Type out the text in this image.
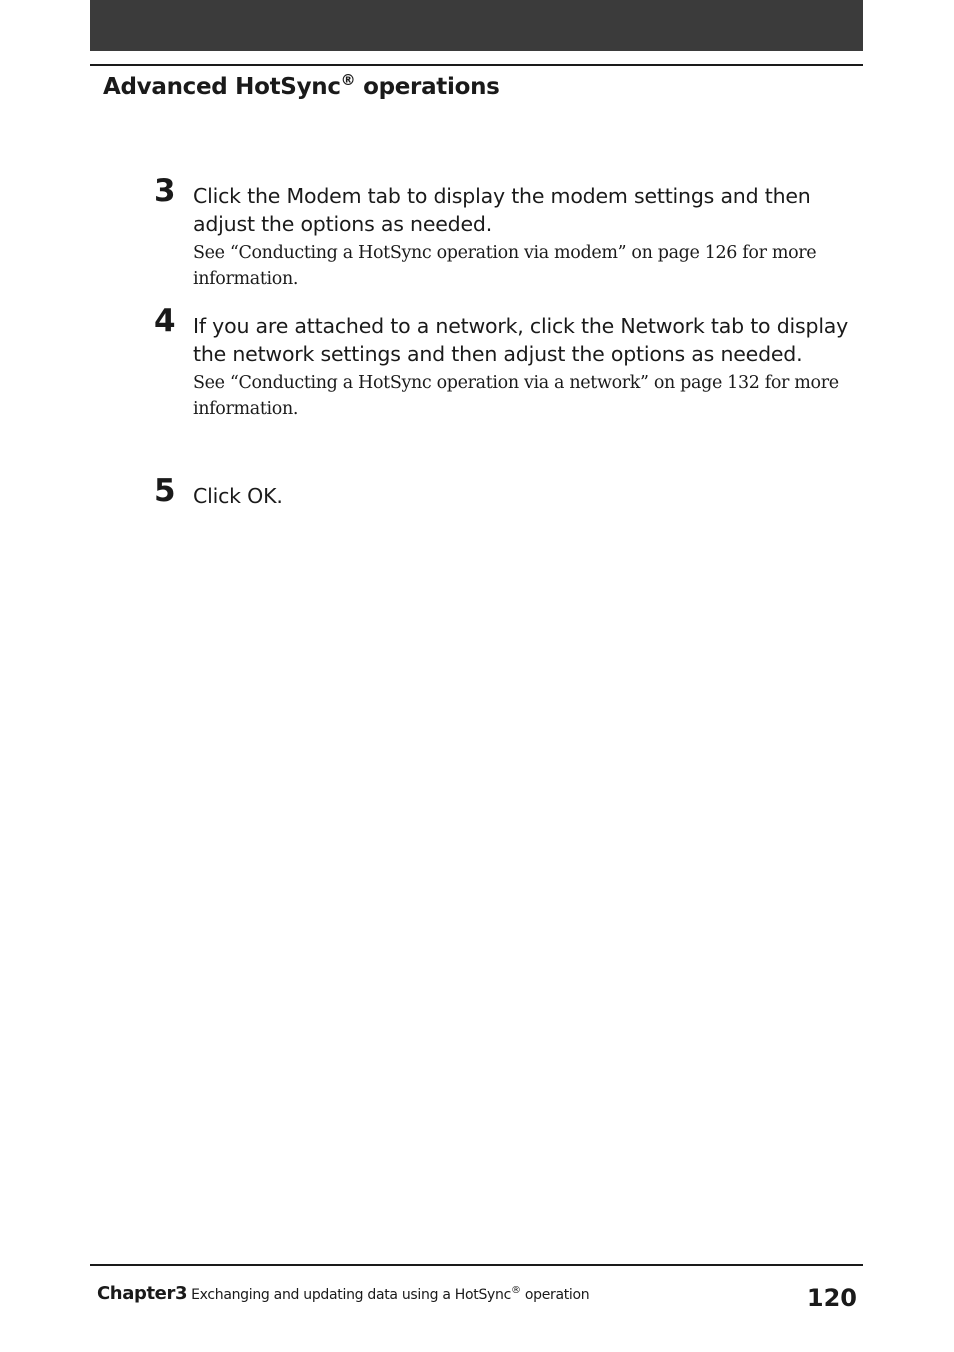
Advanced HotSync® operations
3 Click the Modem tab to display the modem settings and then adjust the options as needed.
See “Conducting a HotSync operation via modem” on page 126 for more information.
4 If you are attached to a network, click the Network tab to display the network settings and then adjust the options as needed.
See “Conducting a HotSync operation via a network” on page 132 for more information.
5 Click OK.
Chapter3 Exchanging and updating data using a HotSync® operation	120
